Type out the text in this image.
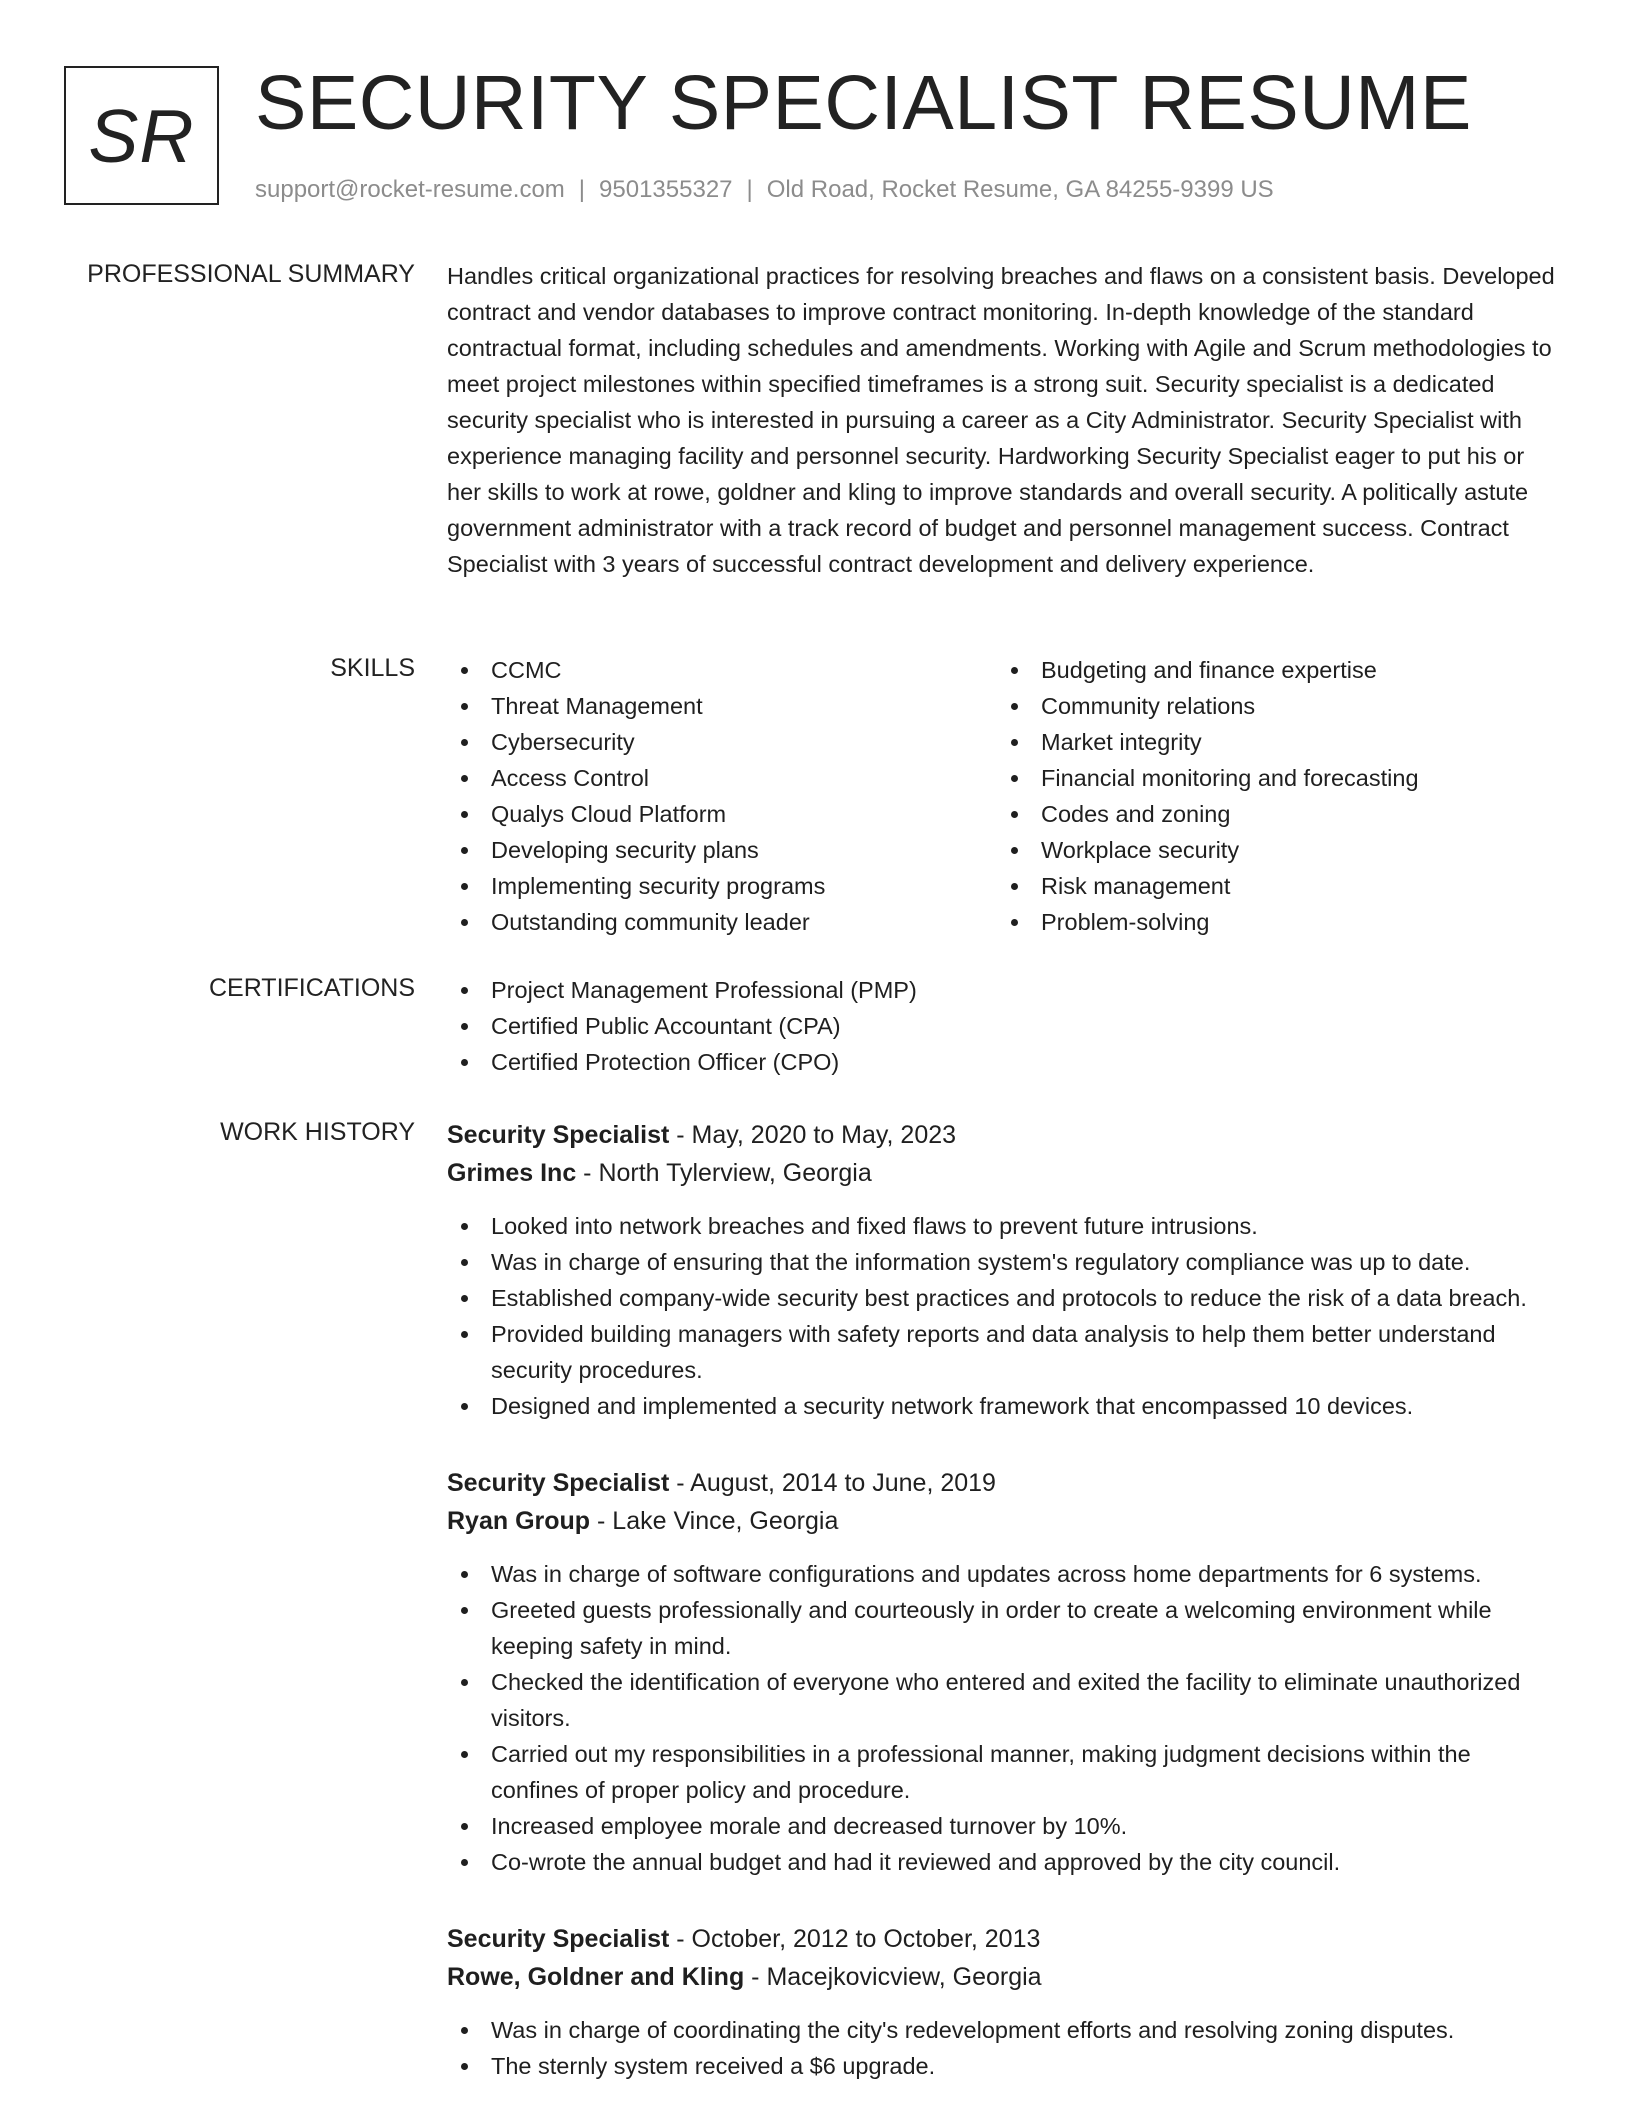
SR SECURITY SPECIALIST RESUME
support@rocket-resume.com | 9501355327 | Old Road, Rocket Resume, GA 84255-9399 US
PROFESSIONAL SUMMARY Handles critical organizational practices for resolving breaches and flaws on a consistent basis. Developed contract and vendor databases to improve contract monitoring. In-depth knowledge of the standard contractual format, including schedules and amendments. Working with Agile and Scrum methodologies to meet project milestones within specified timeframes is a strong suit. Security specialist is a dedicated security specialist who is interested in pursuing a career as a City Administrator. Security Specialist with experience managing facility and personnel security. Hardworking Security Specialist eager to put his or her skills to work at rowe, goldner and kling to improve standards and overall security. A politically astute government administrator with a track record of budget and personnel management success. Contract Specialist with 3 years of successful contract development and delivery experience.

SKILLS	CCMC
Threat Management
Cybersecurity
Access Control
Qualys Cloud Platform
Developing security plans
Implementing security programs
Outstanding community leader
Budgeting and finance expertise
Community relations
Market integrity
Financial monitoring and forecasting
Codes and zoning
Workplace security
Risk management
Problem-solving
CERTIFICATIONS	Project Management Professional (PMP)
Certified Public Accountant (CPA)
Certified Protection Officer (CPO)
WORK HISTORY Security Specialist - May, 2020 to May, 2023
Grimes Inc - North Tylerview, Georgia
Looked into network breaches and fixed flaws to prevent future intrusions.
Was in charge of ensuring that the information system's regulatory compliance was up to date.
Established company-wide security best practices and protocols to reduce the risk of a data breach.
Provided building managers with safety reports and data analysis to help them better understand security procedures.
Designed and implemented a security network framework that encompassed 10 devices.
Security Specialist - August, 2014 to June, 2019
Ryan Group - Lake Vince, Georgia
Was in charge of software configurations and updates across home departments for 6 systems.
Greeted guests professionally and courteously in order to create a welcoming environment while keeping safety in mind.
Checked the identification of everyone who entered and exited the facility to eliminate unauthorized visitors.
Carried out my responsibilities in a professional manner, making judgment decisions within the confines of proper policy and procedure.
Increased employee morale and decreased turnover by 10%.
Co-wrote the annual budget and had it reviewed and approved by the city council.
Security Specialist - October, 2012 to October, 2013
Rowe, Goldner and Kling - Macejkovicview, Georgia
Was in charge of coordinating the city's redevelopment efforts and resolving zoning disputes.
The sternly system received a $6 upgrade.
